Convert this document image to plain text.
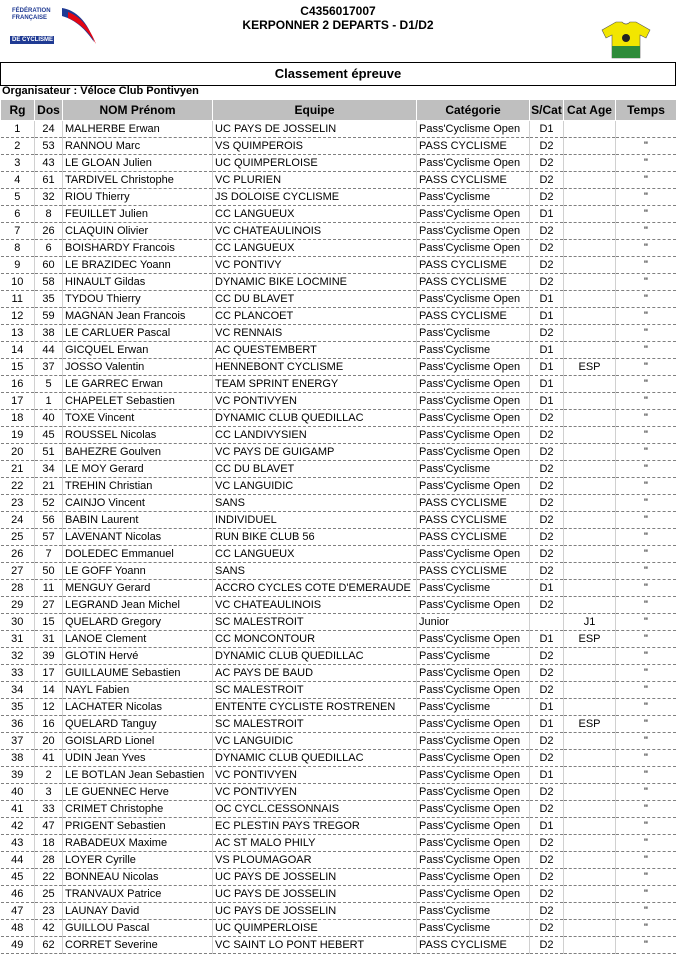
FÉDÉRATION
FRANÇAISE
DE CYCLISME
C4356017007
KERPONNER 2 DEPARTS - D1/D2
Classement épreuve
Organisateur : Véloce Club Pontivyen
Rg	Dos	NOM Prénom	Equipe	Catégorie	S/Cat	Cat Age	Temps
1	24	MALHERBE Erwan	UC PAYS DE JOSSELIN	Pass'Cyclisme Open	D1		
2	53	RANNOU Marc	VS QUIMPEROIS	PASS CYCLISME	D2		"
3	43	LE GLOAN Julien	UC QUIMPERLOISE	Pass'Cyclisme Open	D2		"
4	61	TARDIVEL Christophe	VC PLURIEN	PASS CYCLISME	D2		"
5	32	RIOU Thierry	JS DOLOISE CYCLISME	Pass'Cyclisme	D2		"
6	8	FEUILLET Julien	CC LANGUEUX	Pass'Cyclisme Open	D1		"
7	26	CLAQUIN Olivier	VC CHATEAULINOIS	Pass'Cyclisme Open	D2		"
8	6	BOISHARDY Francois	CC LANGUEUX	Pass'Cyclisme Open	D2		"
9	60	LE BRAZIDEC Yoann	VC PONTIVY	PASS CYCLISME	D2		"
10	58	HINAULT Gildas	DYNAMIC BIKE LOCMINE	PASS CYCLISME	D2		"
11	35	TYDOU Thierry	CC DU BLAVET	Pass'Cyclisme Open	D1		"
12	59	MAGNAN Jean Francois	CC PLANCOET	PASS CYCLISME	D1		"
13	38	LE CARLUER Pascal	VC RENNAIS	Pass'Cyclisme	D2		"
14	44	GICQUEL Erwan	AC QUESTEMBERT	Pass'Cyclisme	D1		"
15	37	JOSSO Valentin	HENNEBONT CYCLISME	Pass'Cyclisme Open	D1	ESP	"
16	5	LE GARREC Erwan	TEAM SPRINT ENERGY	Pass'Cyclisme Open	D1		"
17	1	CHAPELET Sebastien	VC PONTIVYEN	Pass'Cyclisme Open	D1		"
18	40	TOXE Vincent	DYNAMIC CLUB QUEDILLAC	Pass'Cyclisme Open	D2		"
19	45	ROUSSEL Nicolas	CC LANDIVYSIEN	Pass'Cyclisme Open	D2		"
20	51	BAHEZRE Goulven	VC PAYS DE GUIGAMP	Pass'Cyclisme Open	D2		"
21	34	LE MOY Gerard	CC DU BLAVET	Pass'Cyclisme	D2		"
22	21	TREHIN Christian	VC LANGUIDIC	Pass'Cyclisme Open	D2		"
23	52	CAINJO Vincent	SANS	PASS CYCLISME	D2		"
24	56	BABIN Laurent	INDIVIDUEL	PASS CYCLISME	D2		"
25	57	LAVENANT Nicolas	RUN BIKE CLUB 56	PASS CYCLISME	D2		"
26	7	DOLEDEC Emmanuel	CC LANGUEUX	Pass'Cyclisme Open	D2		"
27	50	LE GOFF Yoann	SANS	PASS CYCLISME	D2		"
28	11	MENGUY Gerard	ACCRO CYCLES COTE D'EMERAUDE	Pass'Cyclisme	D1		"
29	27	LEGRAND Jean Michel	VC CHATEAULINOIS	Pass'Cyclisme Open	D2		"
30	15	QUELARD Gregory	SC MALESTROIT	Junior		J1	"
31	31	LANOE Clement	CC MONCONTOUR	Pass'Cyclisme Open	D1	ESP	"
32	39	GLOTIN Hervé	DYNAMIC CLUB QUEDILLAC	Pass'Cyclisme	D2		"
33	17	GUILLAUME Sebastien	AC PAYS DE BAUD	Pass'Cyclisme Open	D2		"
34	14	NAYL Fabien	SC MALESTROIT	Pass'Cyclisme Open	D2		"
35	12	LACHATER Nicolas	ENTENTE CYCLISTE ROSTRENEN	Pass'Cyclisme	D1		"
36	16	QUELARD Tanguy	SC MALESTROIT	Pass'Cyclisme Open	D1	ESP	"
37	20	GOISLARD Lionel	VC LANGUIDIC	Pass'Cyclisme Open	D2		"
38	41	UDIN Jean Yves	DYNAMIC CLUB QUEDILLAC	Pass'Cyclisme Open	D2		"
39	2	LE BOTLAN Jean Sebastien	VC PONTIVYEN	Pass'Cyclisme Open	D1		"
40	3	LE GUENNEC Herve	VC PONTIVYEN	Pass'Cyclisme Open	D2		"
41	33	CRIMET Christophe	OC CYCL.CESSONNAIS	Pass'Cyclisme Open	D2		"
42	47	PRIGENT Sebastien	EC PLESTIN PAYS TREGOR	Pass'Cyclisme Open	D1		"
43	18	RABADEUX Maxime	AC ST MALO PHILY	Pass'Cyclisme Open	D2		"
44	28	LOYER Cyrille	VS PLOUMAGOAR	Pass'Cyclisme Open	D2		"
45	22	BONNEAU Nicolas	UC PAYS DE JOSSELIN	Pass'Cyclisme Open	D2		"
46	25	TRANVAUX Patrice	UC PAYS DE JOSSELIN	Pass'Cyclisme Open	D2		"
47	23	LAUNAY David	UC PAYS DE JOSSELIN	Pass'Cyclisme	D2		"
48	42	GUILLOU Pascal	UC QUIMPERLOISE	Pass'Cyclisme	D2		"
49	62	CORRET Severine	VC SAINT LO PONT HEBERT	PASS CYCLISME	D2		"
